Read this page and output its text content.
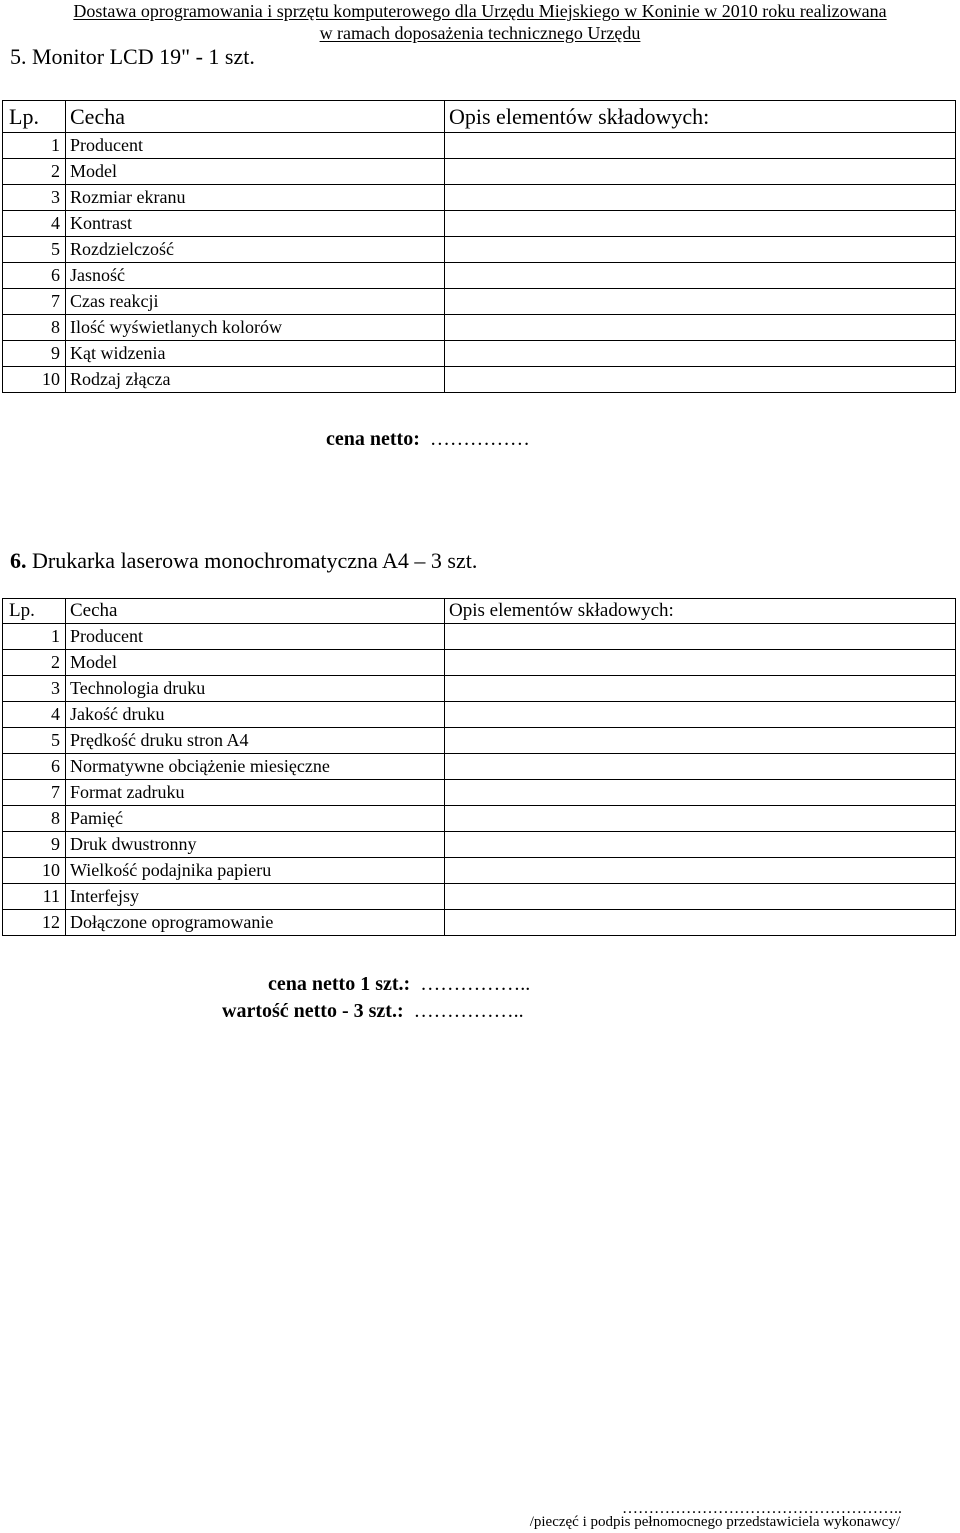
Dostawa oprogramowania i sprzętu komputerowego dla Urzędu Miejskiego w Koninie w 2010 roku realizowana
w ramach doposażenia technicznego Urzędu
5. Monitor LCD 19" - 1 szt.
Lp.	Cecha	Opis elementów składowych:
1	Producent	
2	Model	
3	Rozmiar ekranu	
4	Kontrast	
5	Rozdzielczość	
6	Jasność	
7	Czas reakcji	
8	Ilość wyświetlanych kolorów	
9	Kąt widzenia	
10	Rodzaj złącza	
cena netto: ……………
6. Drukarka laserowa monochromatyczna A4 – 3 szt.
Lp.	Cecha	Opis elementów składowych:
1	Producent	
2	Model	
3	Technologia druku	
4	Jakość druku	
5	Prędkość druku stron A4	
6	Normatywne obciążenie miesięczne	
7	Format zadruku	
8	Pamięć	
9	Druk dwustronny	
10	Wielkość podajnika papieru	
11	Interfejsy	
12	Dołączone oprogramowanie	
cena netto 1 szt.: ……………..
wartość netto - 3 szt.: ……………..
……………………………………………..
/pieczęć i podpis pełnomocnego przedstawiciela wykonawcy/
